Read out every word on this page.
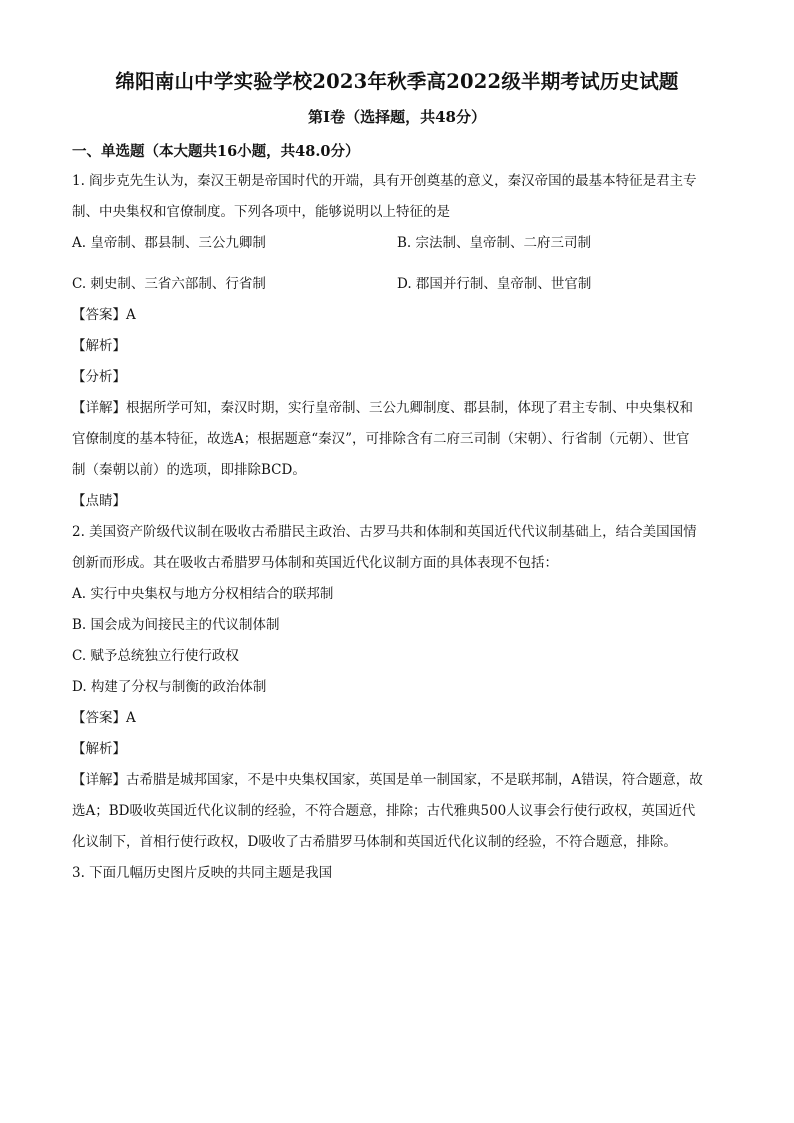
绵阳南山中学实验学校2023年秋季高2022级半期考试历史试题
第Ⅰ卷（选择题，共48分）
一、单选题（本大题共16小题，共48.0分）
1. 阎步克先生认为，秦汉王朝是帝国时代的开端，具有开创奠基的意义，秦汉帝国的最基本特征是君主专
制、中央集权和官僚制度。下列各项中，能够说明以上特征的是
A. 皇帝制、郡县制、三公九卿制	B. 宗法制、皇帝制、二府三司制
C. 刺史制、三省六部制、行省制	D. 郡国并行制、皇帝制、世官制
【答案】A
【解析】
【分析】
【详解】根据所学可知，秦汉时期，实行皇帝制、三公九卿制度、郡县制，体现了君主专制、中央集权和
官僚制度的基本特征，故选A；根据题意“秦汉”，可排除含有二府三司制（宋朝）、行省制（元朝）、世官
制（秦朝以前）的选项，即排除BCD。
【点睛】
2. 美国资产阶级代议制在吸收古希腊民主政治、古罗马共和体制和英国近代代议制基础上，结合美国国情
创新而形成。其在吸收古希腊罗马体制和英国近代化议制方面的具体表现不包括：
A. 实行中央集权与地方分权相结合的联邦制
B. 国会成为间接民主的代议制体制
C. 赋予总统独立行使行政权
D. 构建了分权与制衡的政治体制
【答案】A
【解析】
【详解】古希腊是城邦国家，不是中央集权国家，英国是单一制国家，不是联邦制，A错误，符合题意，故
选A；BD吸收英国近代化议制的经验，不符合题意，排除；古代雅典500人议事会行使行政权，英国近代
化议制下，首相行使行政权，D吸收了古希腊罗马体制和英国近代化议制的经验，不符合题意，排除。
3. 下面几幅历史图片反映的共同主题是我国
